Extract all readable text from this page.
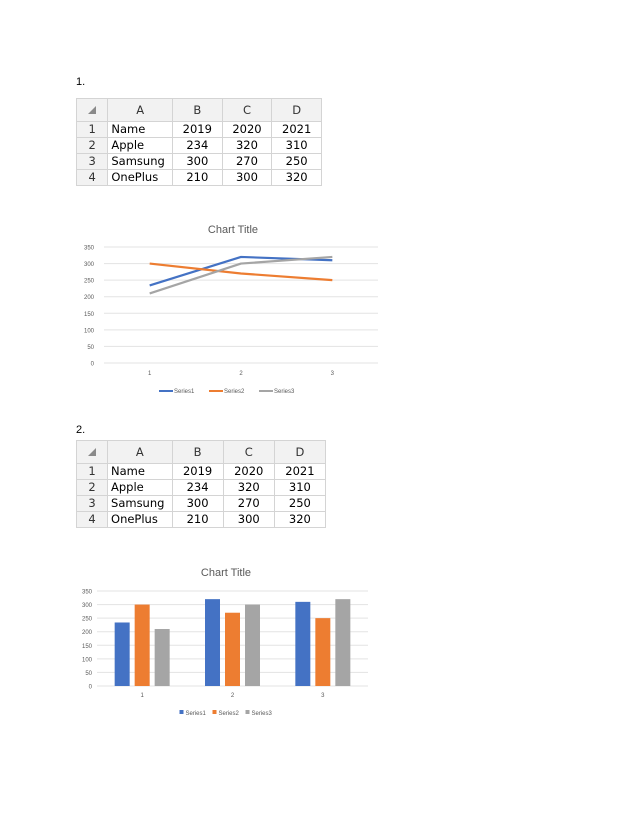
1.
	A	B	C	D
1	Name	2019	2020	2021
2	Apple	234	320	310
3	Samsung	300	270	250
4	OnePlus	210	300	320
Chart Title
0
50
100
150
200
250
300
350
1	2	3
Series1	Series2	Series3
2.
	A	B	C	D
1	Name	2019	2020	2021
2	Apple	234	320	310
3	Samsung	300	270	250
4	OnePlus	210	300	320
Chart Title
0
50
100
150
200
250
300
350
1	2	3
Series1 Series2 Series3
